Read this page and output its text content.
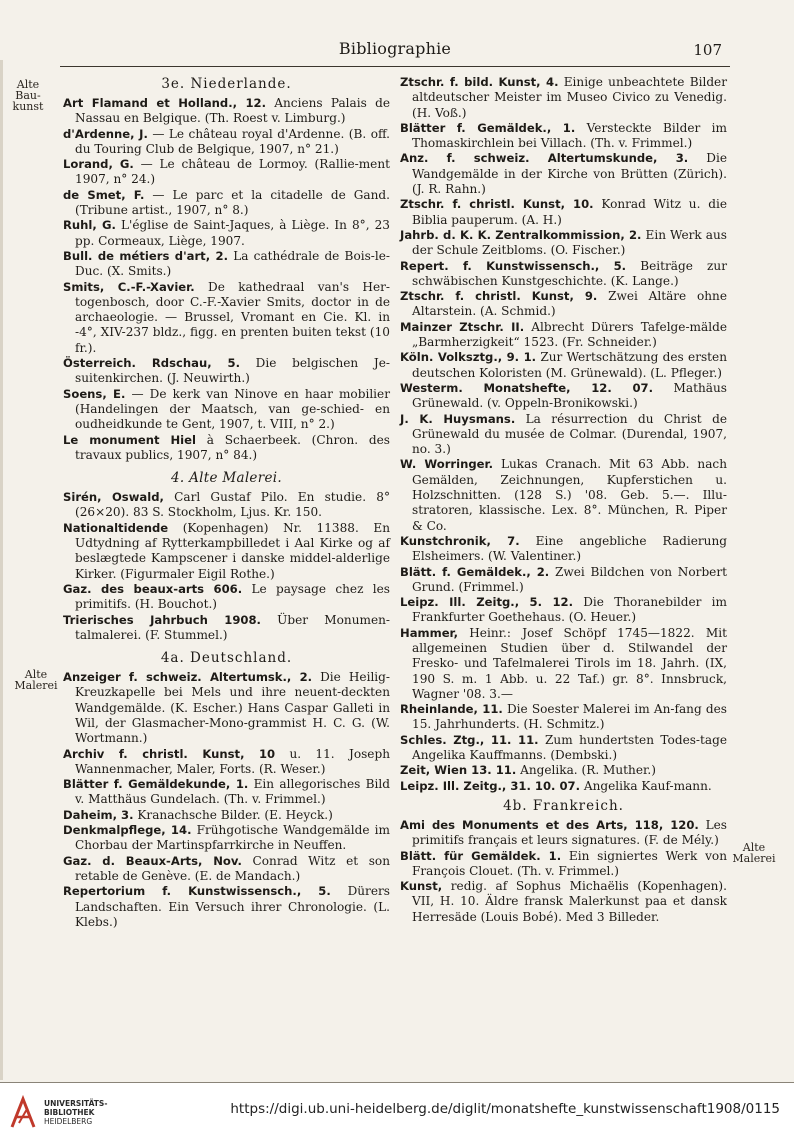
Bibliographie	107
Alte Bau-
kunst
Alte
Malerei
Alte
Malerei
3e. Niederlande.

Art Flamand et Holland., 12. Anciens Palais de Nassau en Belgique. (Th. Roest v. Limburg.)

d'Ardenne, J. — Le château royal d'Ardenne. (B. off. du Touring Club de Belgique, 1907, n° 21.)

Lorand, G. — Le château de Lormoy. (Rallie-ment 1907, n° 24.)

de Smet, F. — Le parc et la citadelle de Gand. (Tribune artist., 1907, n° 8.)

Ruhl, G. L'église de Saint-Jaques, à Liège. In 8°, 23 pp. Cormeaux, Liège, 1907.

Bull. de métiers d'art, 2. La cathédrale de Bois-le-Duc. (X. Smits.)

Smits, C.-F.-Xavier. De kathedraal van's Her-togenbosch, door C.-F.-Xavier Smits, doctor in de archaeologie. — Brussel, Vromant en Cie. Kl. in -4°, XIV-237 bldz., figg. en prenten buiten tekst (10 fr.).

Österreich. Rdschau, 5. Die belgischen Je-suitenkirchen. (J. Neuwirth.)

Soens, E. — De kerk van Ninove en haar mobilier (Handelingen der Maatsch, van ge-schied- en oudheidkunde te Gent, 1907, t. VIII, n° 2.)

Le monument Hiel à Schaerbeek. (Chron. des travaux publics, 1907, n° 84.)

4. Alte Malerei.

Sirén, Oswald, Carl Gustaf Pilo. En studie. 8° (26×20). 83 S. Stockholm, Ljus. Kr. 150.

Nationaltidende (Kopenhagen) Nr. 11388. En Udtydning af Rytterkampbilledet i Aal Kirke og af beslægtede Kampscener i danske middel-alderlige Kirker. (Figurmaler Eigil Rothe.)

Gaz. des beaux-arts 606. Le paysage chez les primitifs. (H. Bouchot.)

Trierisches Jahrbuch 1908. Über Monumen-talmalerei. (F. Stummel.)

4a. Deutschland.

Anzeiger f. schweiz. Altertumsk., 2. Die Heilig-Kreuzkapelle bei Mels und ihre neuent-deckten Wandgemälde. (K. Escher.) Hans Caspar Galleti in Wil, der Glasmacher-Mono-grammist H. C. G. (W. Wortmann.)

Archiv f. christl. Kunst, 10 u. 11. Joseph Wannenmacher, Maler, Forts. (R. Weser.)

Blätter f. Gemäldekunde, 1. Ein allegorisches Bild v. Matthäus Gundelach. (Th. v. Frimmel.)

Daheim, 3. Kranachsche Bilder. (E. Heyck.)

Denkmalpflege, 14. Frühgotische Wandgemälde im Chorbau der Martinspfarrkirche in Neuffen.

Gaz. d. Beaux-Arts, Nov. Conrad Witz et son retable de Genève. (E. de Mandach.)

Repertorium f. Kunstwissensch., 5. Dürers Landschaften. Ein Versuch ihrer Chronologie. (L. Klebs.)

Ztschr. f. bild. Kunst, 4. Einige unbeachtete Bilder altdeutscher Meister im Museo Civico zu Venedig. (H. Voß.)

Blätter f. Gemäldek., 1. Versteckte Bilder im Thomaskirchlein bei Villach. (Th. v. Frimmel.)

Anz. f. schweiz. Altertumskunde, 3. Die Wandgemälde in der Kirche von Brütten (Zürich). (J. R. Rahn.)

Ztschr. f. christl. Kunst, 10. Konrad Witz u. die Biblia pauperum. (A. H.)

Jahrb. d. K. K. Zentralkommission, 2. Ein Werk aus der Schule Zeitbloms. (O. Fischer.)

Repert. f. Kunstwissensch., 5. Beiträge zur schwäbischen Kunstgeschichte. (K. Lange.)

Ztschr. f. christl. Kunst, 9. Zwei Altäre ohne Altarstein. (A. Schmid.)

Mainzer Ztschr. II. Albrecht Dürers Tafelge-mälde „Barmherzigkeit“ 1523. (Fr. Schneider.)

Köln. Volksztg., 9. 1. Zur Wertschätzung des ersten deutschen Koloristen (M. Grünewald). (L. Pfleger.)

Westerm. Monatshefte, 12. 07. Mathäus Grünewald. (v. Oppeln-Bronikowski.)

J. K. Huysmans. La résurrection du Christ de Grünewald du musée de Colmar. (Durendal, 1907, no. 3.)

W. Worringer. Lukas Cranach. Mit 63 Abb. nach Gemälden, Zeichnungen, Kupferstichen u. Holzschnitten. (128 S.) '08. Geb. 5.—. Illu-stratoren, klassische. Lex. 8°. München, R. Piper & Co.

Kunstchronik, 7. Eine angebliche Radierung Elsheimers. (W. Valentiner.)

Blätt. f. Gemäldek., 2. Zwei Bildchen von Norbert Grund. (Frimmel.)

Leipz. Ill. Zeitg., 5. 12. Die Thoranebilder im Frankfurter Goethehaus. (O. Heuer.)

Hammer, Heinr.: Josef Schöpf 1745—1822. Mit allgemeinen Studien über d. Stilwandel der Fresko- und Tafelmalerei Tirols im 18. Jahrh. (IX, 190 S. m. 1 Abb. u. 22 Taf.) gr. 8°. Innsbruck, Wagner '08. 3.—

Rheinlande, 11. Die Soester Malerei im An-fang des 15. Jahrhunderts. (H. Schmitz.)

Schles. Ztg., 11. 11. Zum hundertsten Todes-tage Angelika Kauffmanns. (Dembski.)

Zeit, Wien 13. 11. Angelika. (R. Muther.)

Leipz. Ill. Zeitg., 31. 10. 07. Angelika Kauf-mann.

4b. Frankreich.

Ami des Monuments et des Arts, 118, 120. Les primitifs français et leurs signatures. (F. de Mély.)

Blätt. für Gemäldek. 1. Ein signiertes Werk von François Clouet. (Th. v. Frimmel.)

Kunst, redig. af Sophus Michaëlis (Kopenhagen). VII, H. 10. Äldre fransk Malerkunst paa et dansk Herresäde (Louis Bobé). Med 3 Billeder.

UNIVERSITÄTS-
BIBLIOTHEK
HEIDELBERG
https://digi.ub.uni-heidelberg.de/diglit/monatshefte_kunstwissenschaft1908/0115
